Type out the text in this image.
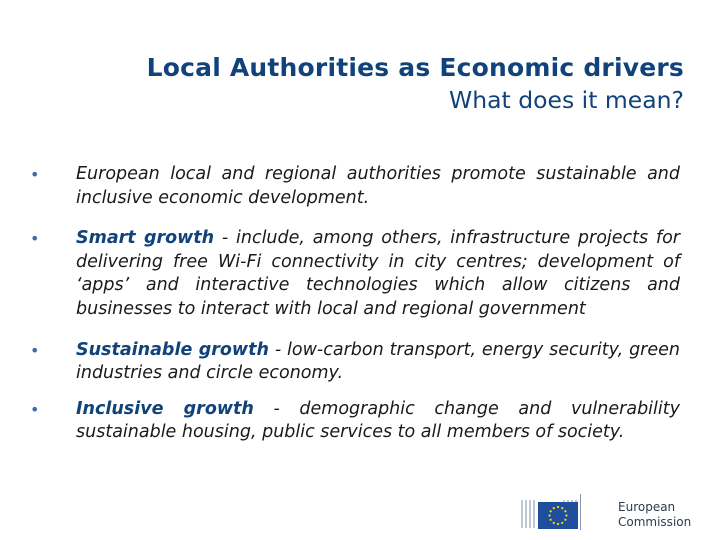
Local Authorities as Economic drivers
What does it mean?
•
European local and regional authorities promote sustainable and inclusive economic development.
•
Smart growth - include, among others, infrastructure projects for delivering free Wi-Fi connectivity in city centres; development of ‘apps’ and interactive technologies which allow citizens and businesses to interact with local and regional government
•
Sustainable growth - low-carbon transport, energy security, green industries and circle economy.
•
Inclusive growth - demographic change and vulnerability sustainable housing, public services to all members of society.
European
Commission
